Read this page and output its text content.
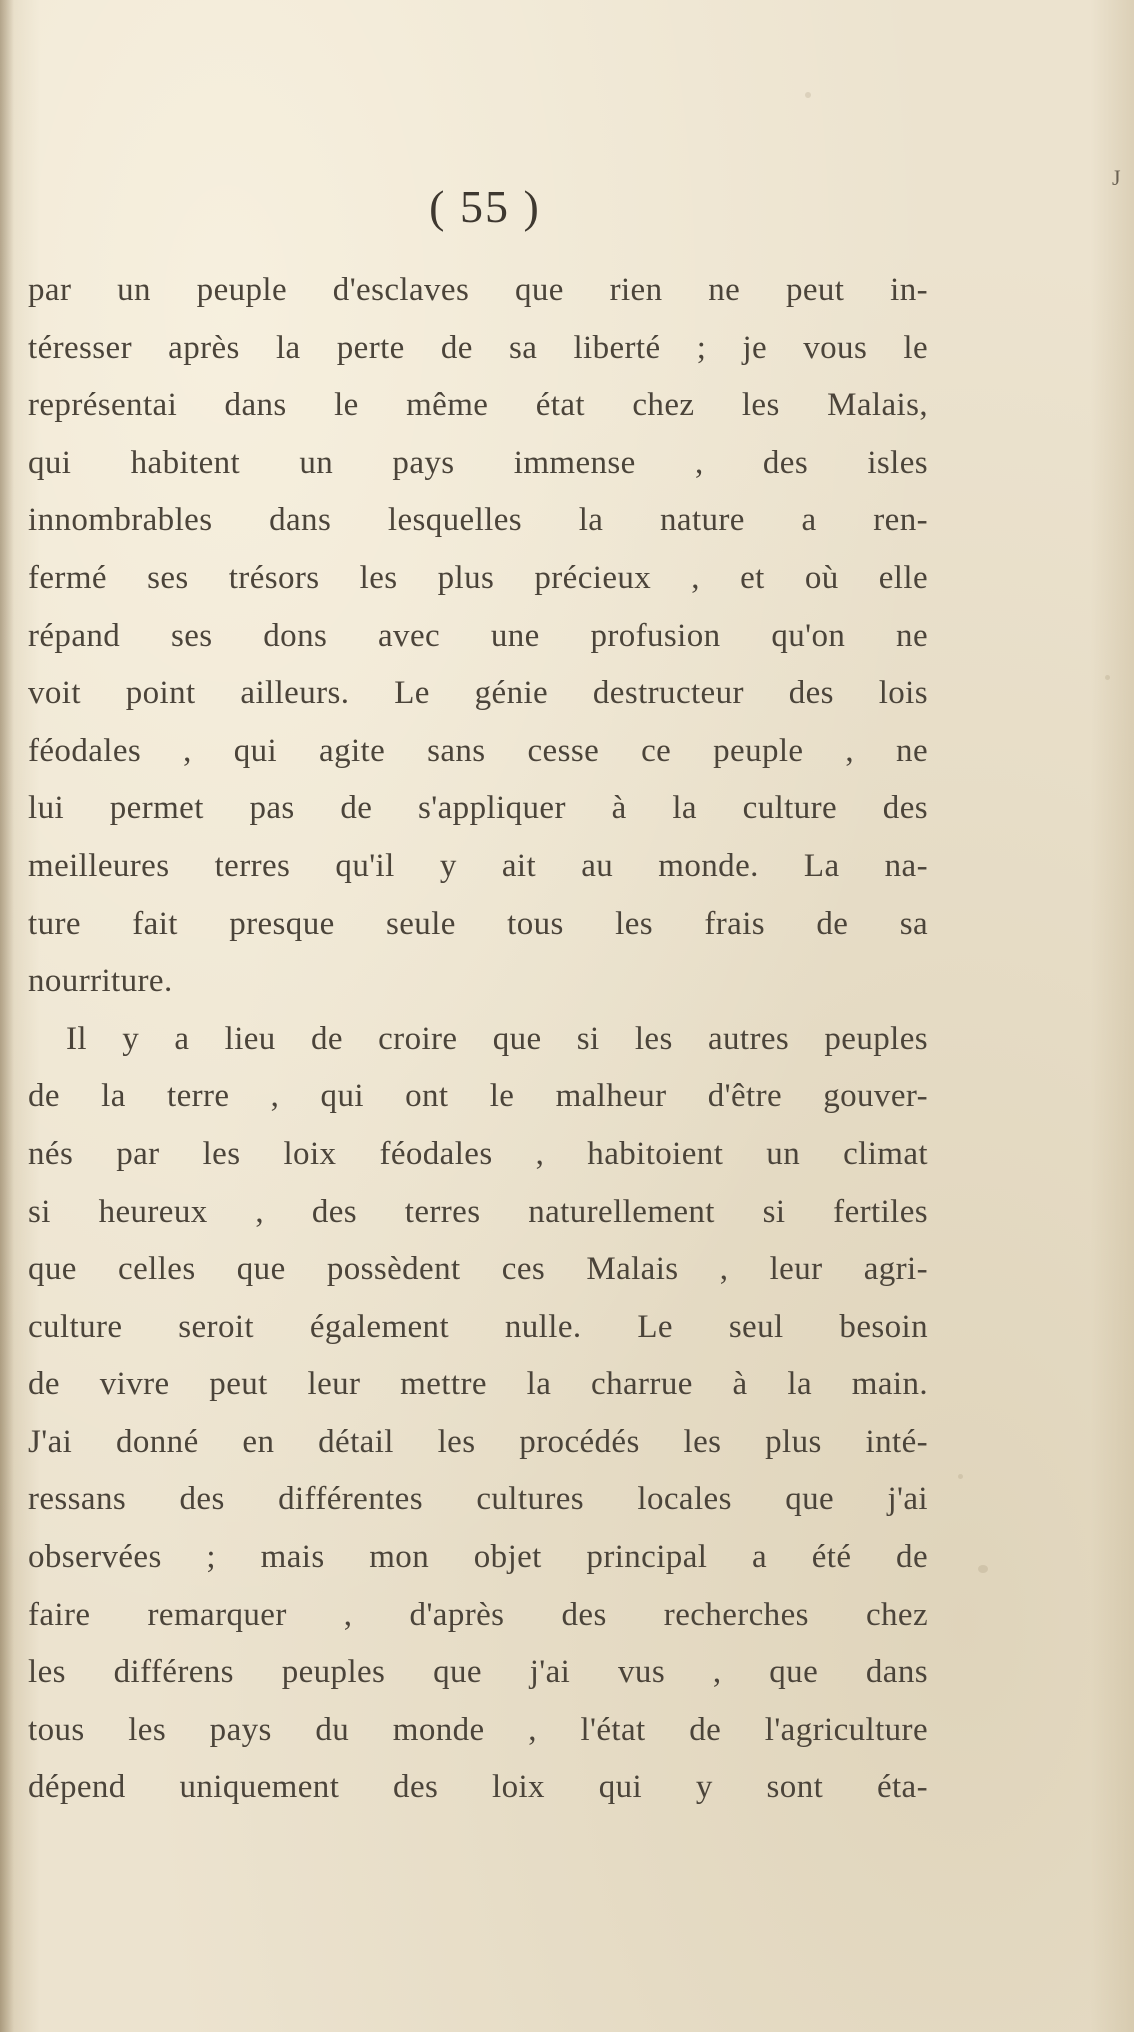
( 55 )
J
par un peuple d'esclaves que rien ne peut in-
téresser après la perte de sa liberté ; je vous le
représentai dans le même état chez les Malais,
qui habitent un pays immense , des isles
innombrables dans lesquelles la nature a ren-
fermé ses trésors les plus précieux , et où elle
répand ses dons avec une profusion qu'on ne
voit point ailleurs. Le génie destructeur des lois
féodales , qui agite sans cesse ce peuple , ne
lui permet pas de s'appliquer à la culture des
meilleures terres qu'il y ait au monde. La na-
ture fait presque seule tous les frais de sa
nourriture.
Il y a lieu de croire que si les autres peuples
de la terre , qui ont le malheur d'être gouver-
nés par les loix féodales , habitoient un climat
si heureux , des terres naturellement si fertiles
que celles que possèdent ces Malais , leur agri-
culture seroit également nulle. Le seul besoin
de vivre peut leur mettre la charrue à la main.
J'ai donné en détail les procédés les plus inté-
ressans des différentes cultures locales que j'ai
observées ; mais mon objet principal a été de
faire remarquer , d'après des recherches chez
les différens peuples que j'ai vus , que dans
tous les pays du monde , l'état de l'agriculture
dépend uniquement des loix qui y sont éta-
